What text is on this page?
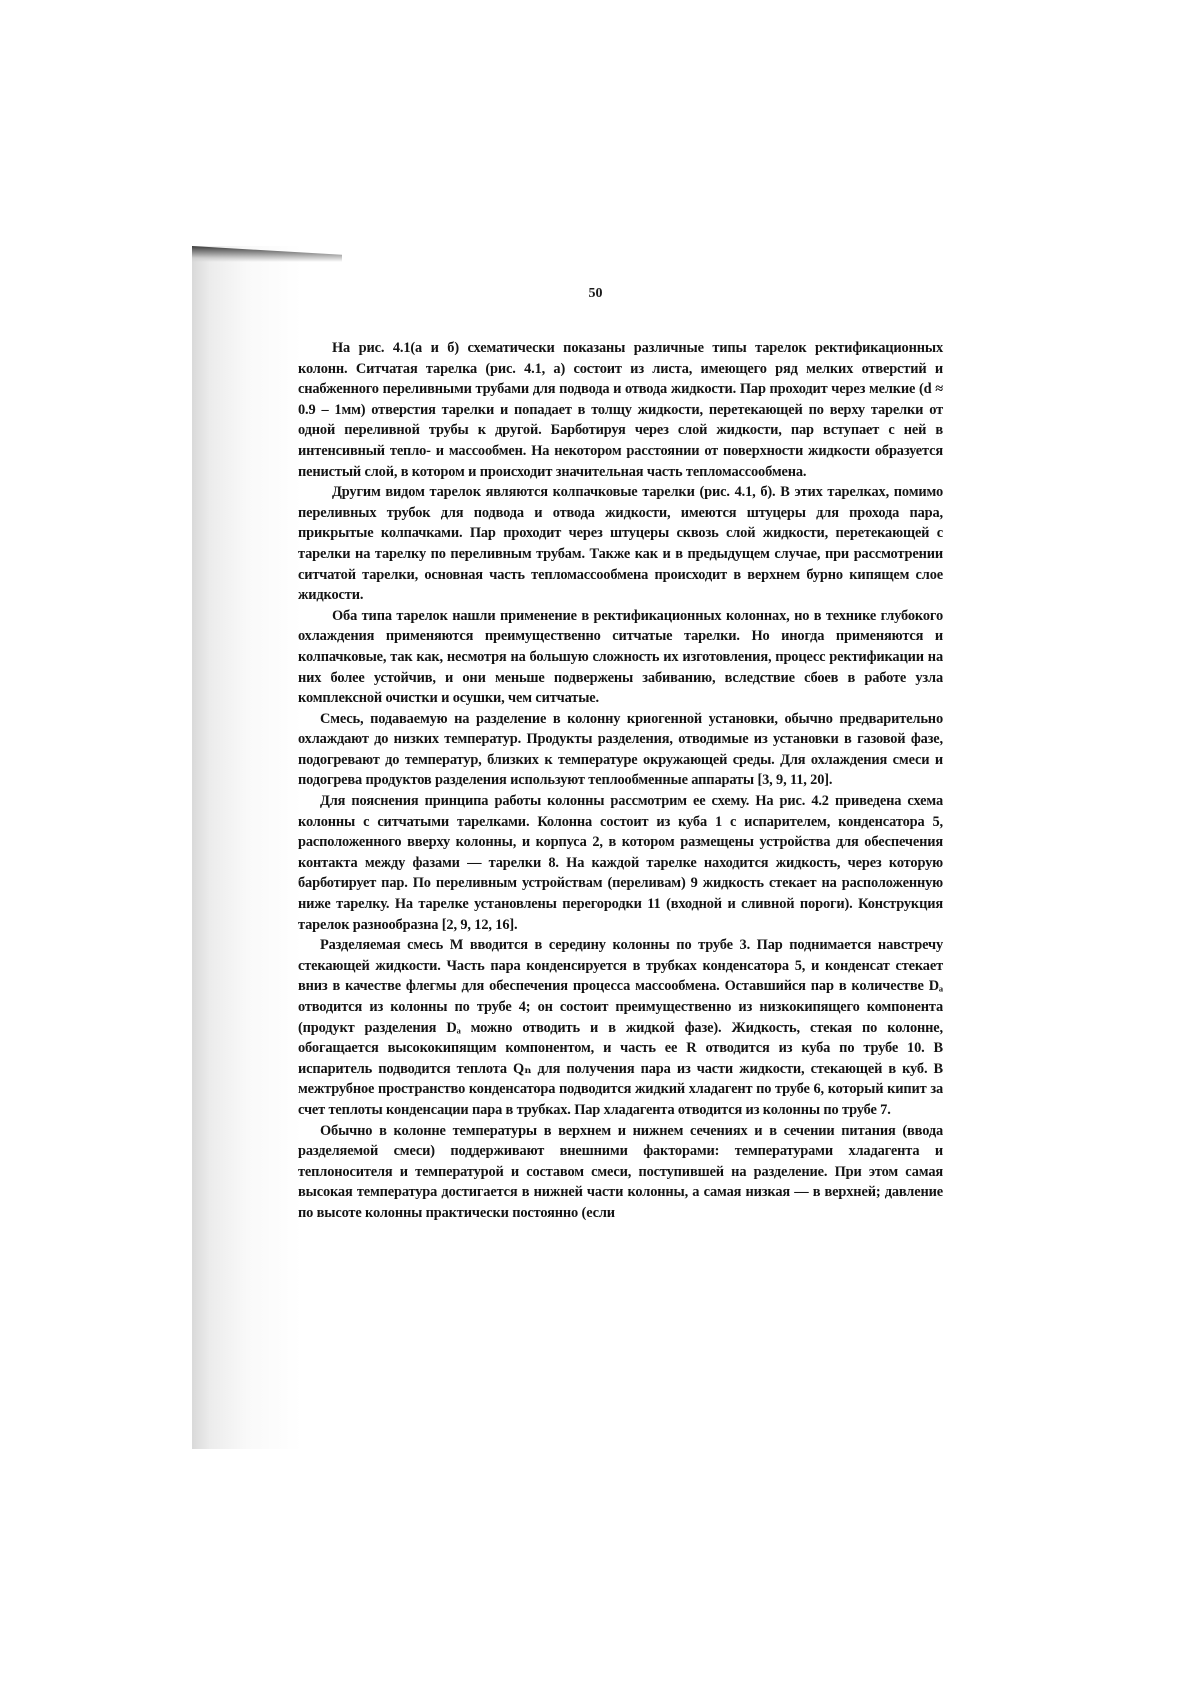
50

На рис. 4.1(а и б) схематически показаны различные типы тарелок ректификационных колонн. Ситчатая тарелка (рис. 4.1, а) состоит из листа, имеющего ряд мелких отверстий и снабженного переливными трубами для подвода и отвода жидкости. Пар проходит через мелкие (d ≈ 0.9 – 1мм) отверстия тарелки и попадает в толщу жидкости, перетекающей по верху тарелки от одной переливной трубы к другой. Барботируя через слой жидкости, пар вступает с ней в интенсивный тепло- и массообмен. На некотором расстоянии от поверхности жидкости образуется пенистый слой, в котором и происходит значительная часть тепломассообмена.

Другим видом тарелок являются колпачковые тарелки (рис. 4.1, б). В этих тарелках, помимо переливных трубок для подвода и отвода жидкости, имеются штуцеры для прохода пара, прикрытые колпачками. Пар проходит через штуцеры сквозь слой жидкости, перетекающей с тарелки на тарелку по переливным трубам. Также как и в предыдущем случае, при рассмотрении ситчатой тарелки, основная часть тепломассообмена происходит в верхнем бурно кипящем слое жидкости.

Оба типа тарелок нашли применение в ректификационных колоннах, но в технике глубокого охлаждения применяются преимущественно ситчатые тарелки. Но иногда применяются и колпачковые, так как, несмотря на большую сложность их изготовления, процесс ректификации на них более устойчив, и они меньше подвержены забиванию, вследствие сбоев в работе узла комплексной очистки и осушки, чем ситчатые.

Смесь, подаваемую на разделение в колонну криогенной установки, обычно предварительно охлаждают до низких температур. Продукты разделения, отводимые из установки в газовой фазе, подогревают до температур, близких к температуре окружающей среды. Для охлаждения смеси и подогрева продуктов разделения используют теплообменные аппараты [3, 9, 11, 20].

Для пояснения принципа работы колонны рассмотрим ее схему. На рис. 4.2 приведена схема колонны с ситчатыми тарелками. Колонна состоит из куба 1 с испарителем, конденсатора 5, расположенного вверху колонны, и корпуса 2, в котором размещены устройства для обеспечения контакта между фазами — тарелки 8. На каждой тарелке находится жидкость, через которую барботирует пар. По переливным устройствам (переливам) 9 жидкость стекает на расположенную ниже тарелку. На тарелке установлены перегородки 11 (входной и сливной пороги). Конструкция тарелок разнообразна [2, 9, 12, 16].

Разделяемая смесь M вводится в середину колонны по трубе 3. Пар поднимается навстречу стекающей жидкости. Часть пара конденсируется в трубках конденсатора 5, и конденсат стекает вниз в качестве флегмы для обеспечения процесса массообмена. Оставшийся пар в количестве Dₐ отводится из колонны по трубе 4; он состоит преимущественно из низкокипящего компонента (продукт разделения Dₐ можно отводить и в жидкой фазе). Жидкость, стекая по колонне, обогащается высококипящим компонентом, и часть ее R отводится из куба по трубе 10. В испаритель подводится теплота Qₙ для получения пара из части жидкости, стекающей в куб. В межтрубное пространство конденсатора подводится жидкий хладагент по трубе 6, который кипит за счет теплоты конденсации пара в трубках. Пар хладагента отводится из колонны по трубе 7.

Обычно в колонне температуры в верхнем и нижнем сечениях и в сечении питания (ввода разделяемой смеси) поддерживают внешними факторами: температурами хладагента и теплоносителя и температурой и составом смеси, поступившей на разделение. При этом самая высокая температура достигается в нижней части колонны, а самая низкая — в верхней; давление по высоте колонны практически постоянно (если
